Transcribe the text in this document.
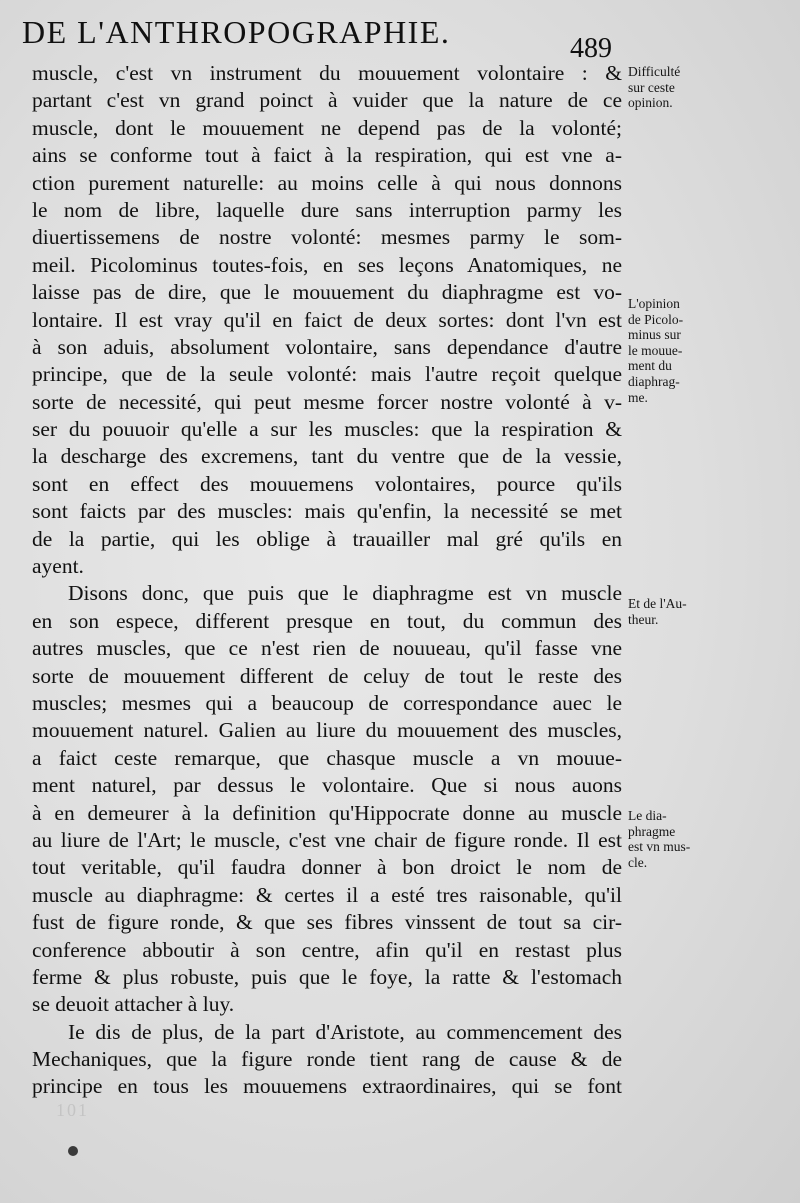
DE L'ANTHROPOGRAPHIE.	489
muscle, c'est vn instrument du mouuement volontaire : &
partant c'est vn grand poinct à vuider que la nature de ce
muscle, dont le mouuement ne depend pas de la volonté;
ains se conforme tout à faict à la respiration, qui est vne a-
ction purement naturelle: au moins celle à qui nous donnons
le nom de libre, laquelle dure sans interruption parmy les
diuertissemens de nostre volonté: mesmes parmy le som-
meil. Picolominus toutes-fois, en ses leçons Anatomiques, ne
laisse pas de dire, que le mouuement du diaphragme est vo-
lontaire. Il est vray qu'il en faict de deux sortes: dont l'vn est
à son aduis, absolument volontaire, sans dependance d'autre
principe, que de la seule volonté: mais l'autre reçoit quelque
sorte de necessité, qui peut mesme forcer nostre volonté à v-
ser du pouuoir qu'elle a sur les muscles: que la respiration &
la descharge des excremens, tant du ventre que de la vessie,
sont en effect des mouuemens volontaires, pource qu'ils
sont faicts par des muscles: mais qu'enfin, la necessité se met
de la partie, qui les oblige à trauailler mal gré qu'ils en
ayent.
Disons donc, que puis que le diaphragme est vn muscle
en son espece, different presque en tout, du commun des
autres muscles, que ce n'est rien de nouueau, qu'il fasse vne
sorte de mouuement different de celuy de tout le reste des
muscles; mesmes qui a beaucoup de correspondance auec le
mouuement naturel. Galien au liure du mouuement des muscles,
a faict ceste remarque, que chasque muscle a vn mouue-
ment naturel, par dessus le volontaire. Que si nous auons
à en demeurer à la definition qu'Hippocrate donne au muscle
au liure de l'Art; le muscle, c'est vne chair de figure ronde. Il est
tout veritable, qu'il faudra donner à bon droict le nom de
muscle au diaphragme: & certes il a esté tres raisonable, qu'il
fust de figure ronde, & que ses fibres vinssent de tout sa cir-
conference abboutir à son centre, afin qu'il en restast plus
ferme & plus robuste, puis que le foye, la ratte & l'estomach
se deuoit attacher à luy.
Ie dis de plus, de la part d'Aristote, au commencement des
Mechaniques, que la figure ronde tient rang de cause & de
principe en tous les mouuemens extraordinaires, qui se font
Difficulté
sur ceste
opinion.
L'opinion
de Picolo-
minus sur
le mouue-
ment du
diaphrag-
me.
Et de l'Au-
theur.
Le dia-
phragme
est vn mus-
cle.
101
